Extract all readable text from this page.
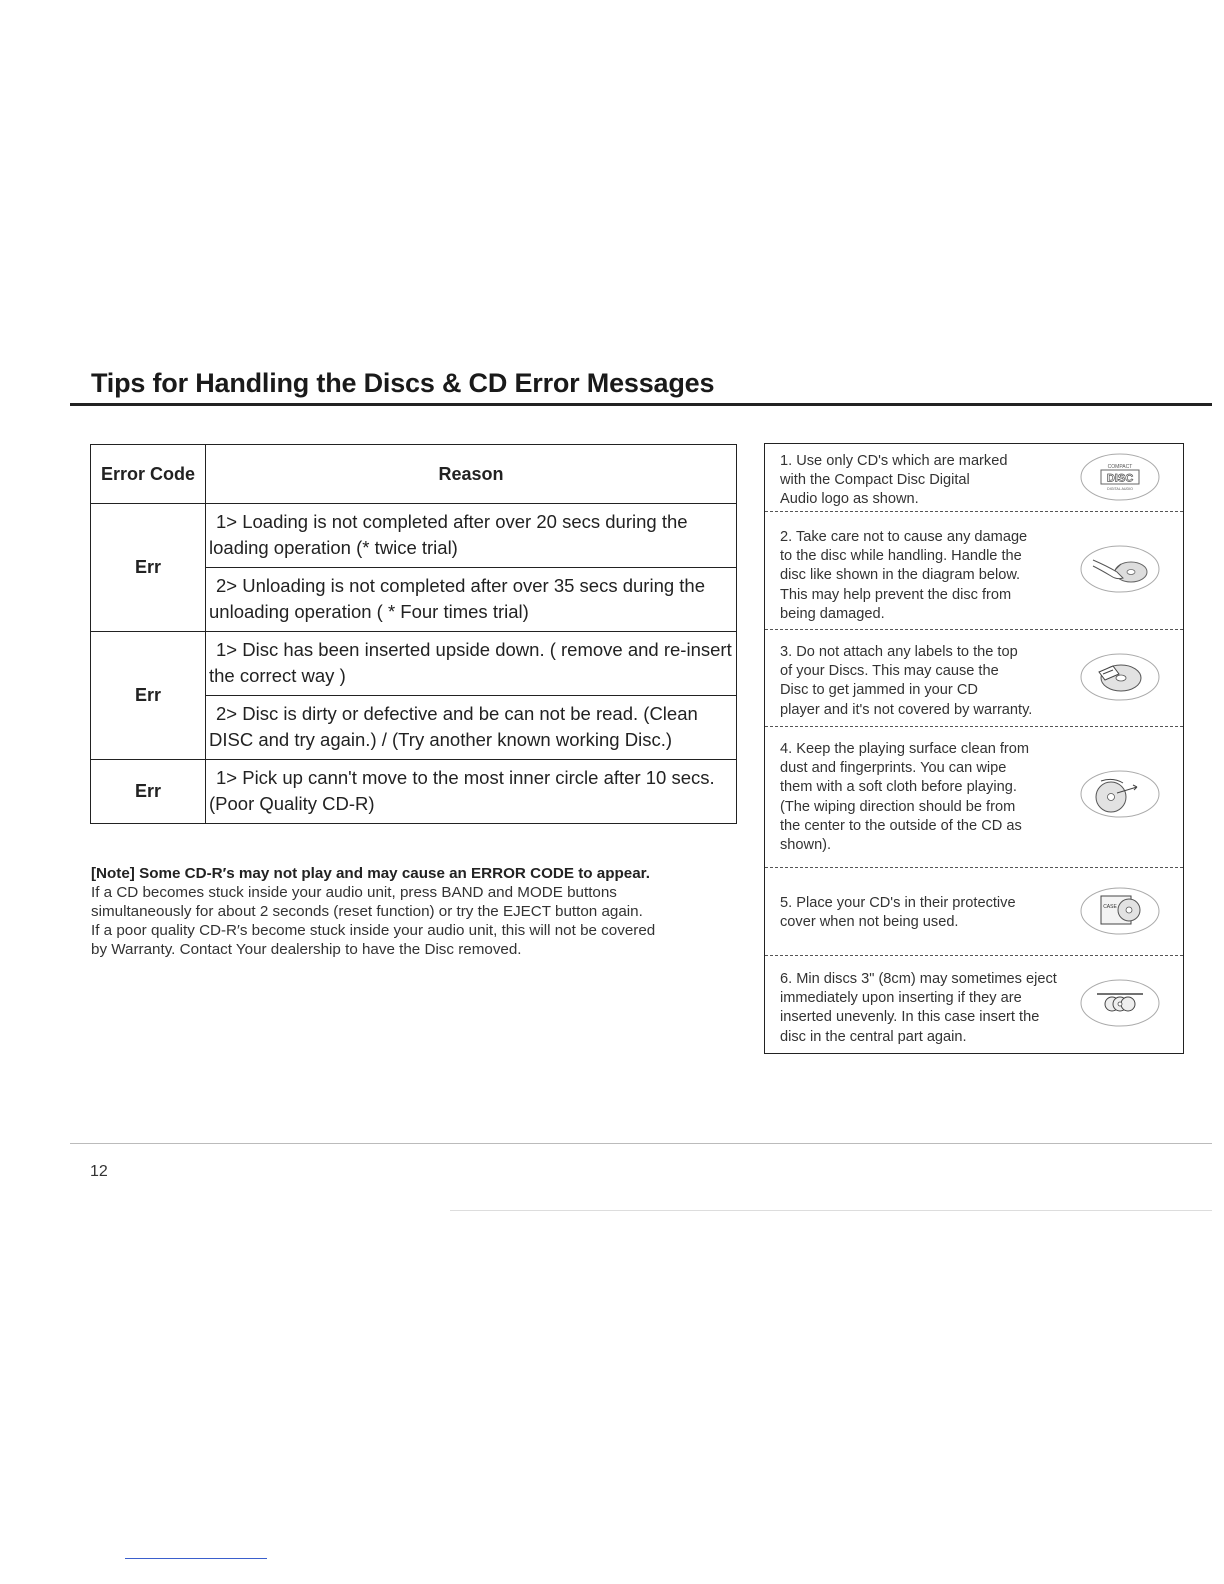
Tips for Handling the Discs & CD Error Messages
Error Code	Reason
Err	1> Loading is not completed after over 20 secs during the loading operation (* twice trial)
	2> Unloading is not completed after over 35 secs during the unloading operation ( * Four times trial)
Err	1> Disc has been inserted upside down. ( remove and re-insert the correct way )
	2> Disc is dirty or defective and be can not be read. (Clean DISC and try again.) / (Try another known working Disc.)
Err	1> Pick up cann't move to the most inner circle after 10 secs. (Poor Quality CD-R)
[Note] Some CD-R′s may not play and may cause an ERROR CODE to appear.
If a CD becomes stuck inside your audio unit, press BAND and MODE buttons
simultaneously for about 2 seconds (reset function) or try the EJECT button again.
If a poor quality CD-R′s become stuck inside your audio unit, this will not be covered
by Warranty. Contact Your dealership to have the Disc removed.
1. Use only CD's which are marked
with the Compact Disc Digital
Audio logo as shown.
COMPACT
DISC
DIGITAL AUDIO
2. Take care not to cause any damage
to the disc while handling. Handle the
disc like shown in the diagram below.
This may help prevent the disc from
being damaged.
3. Do not attach any labels to the top
of your Discs. This may cause the
Disc to get jammed in your CD
player and it's not covered by warranty.
4. Keep the playing surface clean from
dust and fingerprints. You can wipe
them with a soft cloth before playing.
(The wiping direction should be from
the center to the outside of the CD as
shown).
5. Place your CD's in their protective
cover when not being used.
CASE
6. Min discs 3" (8cm) may sometimes eject
immediately upon inserting if they are
inserted unevenly. In this case insert the
disc in the central part again.
12
